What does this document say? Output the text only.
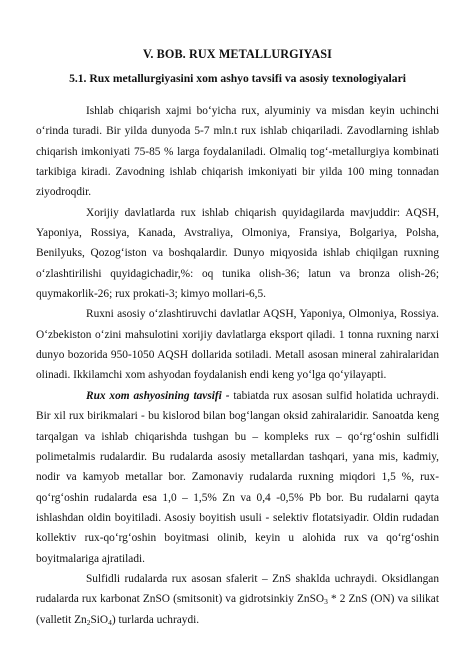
V. BOB. RUX METALLURGIYASI
5.1. Rux metallurgiyasini xom ashyo tavsifi va asosiy texnologiyalari

Ishlab chiqarish xajmi bo‘yicha rux, alyuminiy va misdan keyin uchinchi o‘rinda turadi. Bir yilda dunyoda 5-7 mln.t rux ishlab chiqariladi. Zavodlarning ishlab chiqarish imkoniyati 75-85 % larga foydalaniladi. Olmaliq tog‘-metallurgiya kombinati tarkibiga kiradi. Zavodning ishlab chiqarish imkoniyati bir yilda 100 ming tonnadan ziyodroqdir.

Xorijiy davlatlarda rux ishlab chiqarish quyidagilarda mavjuddir: AQSH, Yaponiya, Rossiya, Kanada, Avstraliya, Olmoniya, Fransiya, Bolgariya, Polsha, Benilyuks, Qozog‘iston va boshqalardir. Dunyo miqyosida ishlab chiqilgan ruxning o‘zlashtirilishi quyidagichadir,%: oq tunika olish-36; latun va bronza olish-26; quymakorlik-26; rux prokati-3; kimyo mollari-6,5.

Ruxni asosiy o‘zlashtiruvchi davlatlar AQSH, Yaponiya, Olmoniya, Rossiya. O‘zbekiston o‘zini mahsulotini xorijiy davlatlarga eksport qiladi. 1 tonna ruxning narxi dunyo bozorida 950-1050 AQSH dollarida sotiladi. Metall asosan mineral zahiralaridan olinadi. Ikkilamchi xom ashyodan foydalanish endi keng yo‘lga qo‘yilayapti.

Rux xom ashyosining tavsifi - tabiatda rux asosan sulfid holatida uchraydi. Bir xil rux birikmalari - bu kislorod bilan bog‘langan oksid zahiralaridir. Sanoatda keng tarqalgan va ishlab chiqarishda tushgan bu – kompleks rux – qo‘rg‘oshin sulfidli polimetalmis rudalardir. Bu rudalarda asosiy metallardan tashqari, yana mis, kadmiy, nodir va kamyob metallar bor. Zamonaviy rudalarda ruxning miqdori 1,5 %, rux-qo‘rg‘oshin rudalarda esa 1,0 – 1,5% Zn va 0,4 -0,5% Pb bor. Bu rudalarni qayta ishlashdan oldin boyitiladi. Asosiy boyitish usuli - selektiv flotatsiyadir. Oldin rudadan kollektiv rux-qo‘rg‘oshin boyitmasi olinib, keyin u alohida rux va qo‘rg‘oshin boyitmalariga ajratiladi.

Sulfidli rudalarda rux asosan sfalerit – ZnS shaklda uchraydi. Oksidlangan rudalarda rux karbonat ZnSO (smitsonit) va gidrotsinkiy ZnSO$_3$ * 2 ZnS (ON) va silikat (valletit $Zn_2SiO_4$) turlarda uchraydi.
